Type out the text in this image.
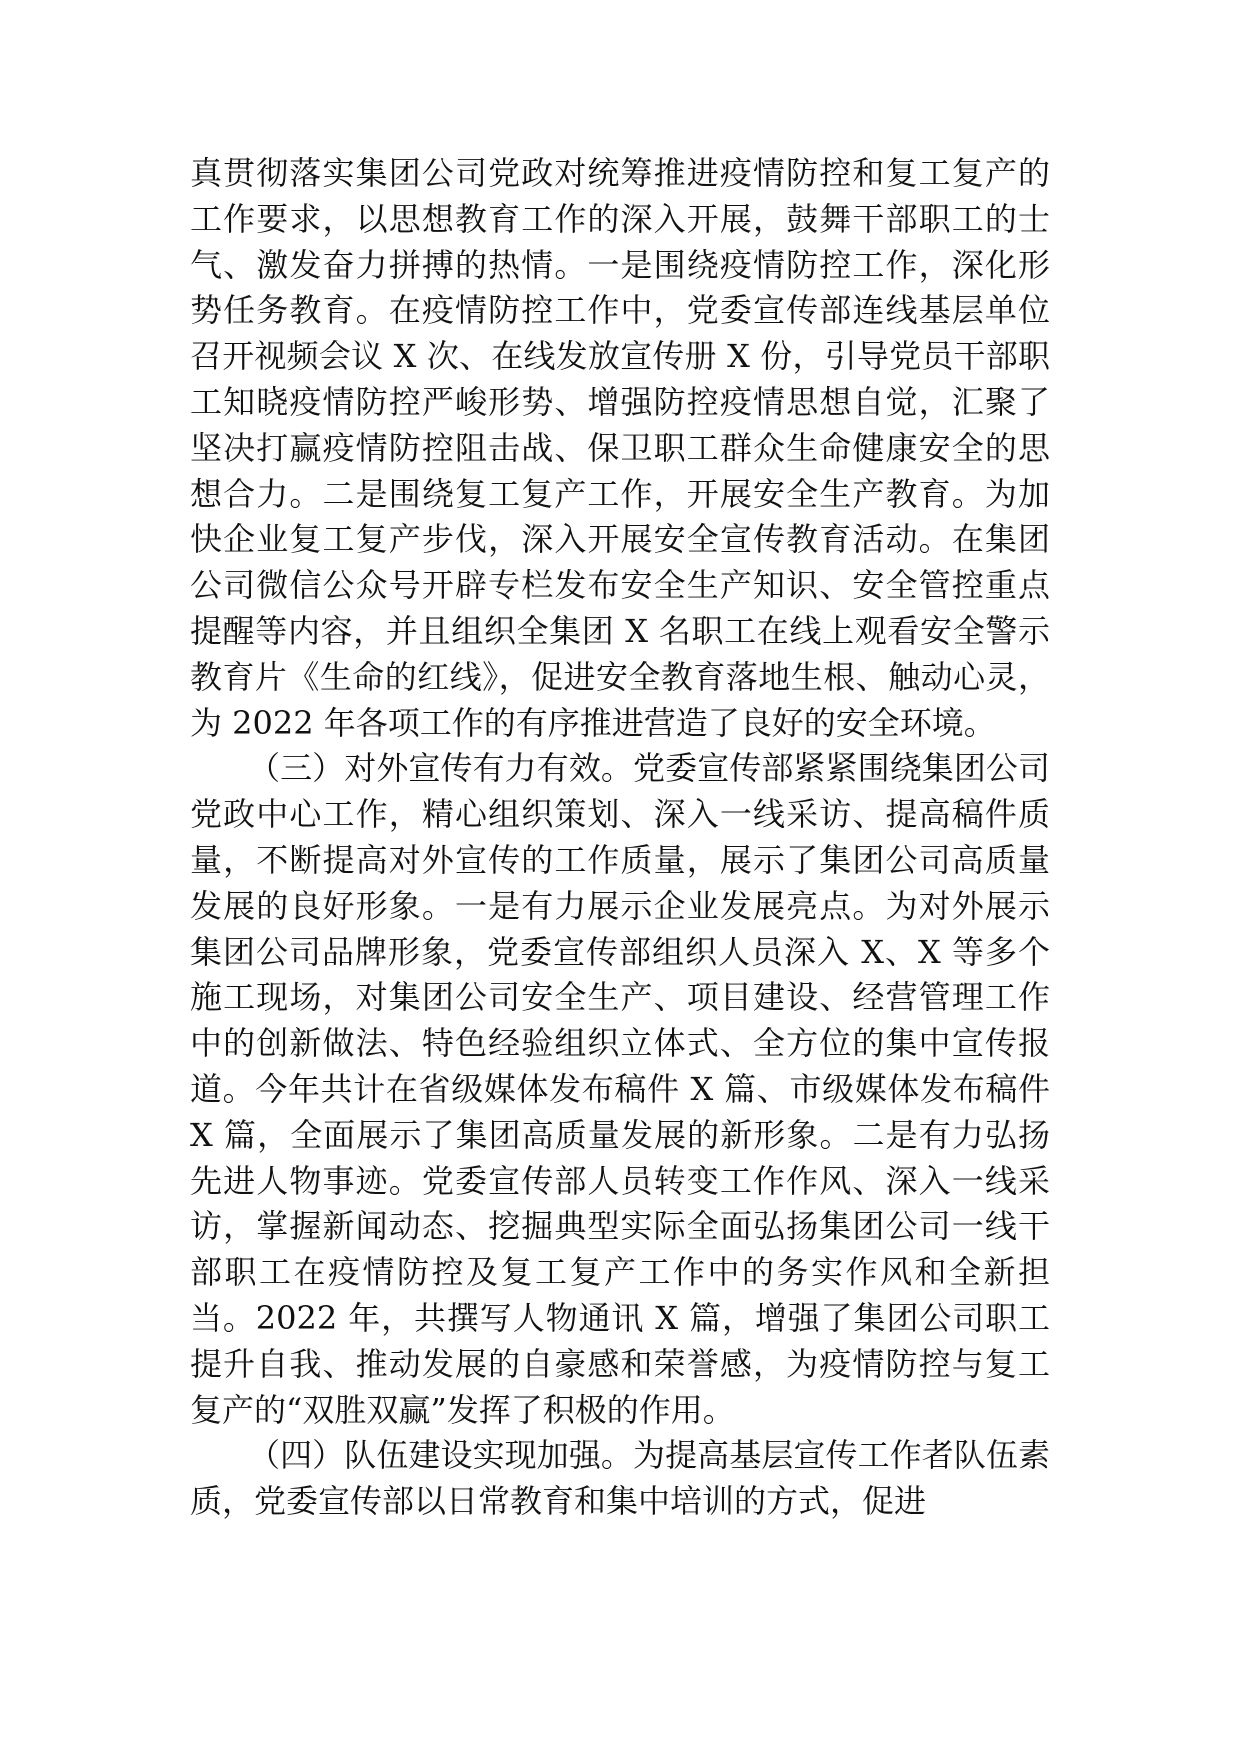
真贯彻落实集团公司党政对统筹推进疫情防控和复工复产的工作要求，以思想教育工作的深入开展，鼓舞干部职工的士气、激发奋力拼搏的热情。一是围绕疫情防控工作，深化形势任务教育。在疫情防控工作中，党委宣传部连线基层单位召开视频会议 X 次、在线发放宣传册 X 份，引导党员干部职工知晓疫情防控严峻形势、增强防控疫情思想自觉，汇聚了坚决打赢疫情防控阻击战、保卫职工群众生命健康安全的思想合力。二是围绕复工复产工作，开展安全生产教育。为加快企业复工复产步伐，深入开展安全宣传教育活动。在集团公司微信公众号开辟专栏发布安全生产知识、安全管控重点提醒等内容，并且组织全集团 X 名职工在线上观看安全警示教育片《生命的红线》，促进安全教育落地生根、触动心灵，为 2022 年各项工作的有序推进营造了良好的安全环境。

（三）对外宣传有力有效。党委宣传部紧紧围绕集团公司党政中心工作，精心组织策划、深入一线采访、提高稿件质量，不断提高对外宣传的工作质量，展示了集团公司高质量发展的良好形象。一是有力展示企业发展亮点。为对外展示集团公司品牌形象，党委宣传部组织人员深入 X、X 等多个施工现场，对集团公司安全生产、项目建设、经营管理工作中的创新做法、特色经验组织立体式、全方位的集中宣传报道。今年共计在省级媒体发布稿件 X 篇、市级媒体发布稿件 X 篇，全面展示了集团高质量发展的新形象。二是有力弘扬先进人物事迹。党委宣传部人员转变工作作风、深入一线采访，掌握新闻动态、挖掘典型实际全面弘扬集团公司一线干部职工在疫情防控及复工复产工作中的务实作风和全新担当。2022 年，共撰写人物通讯 X 篇，增强了集团公司职工提升自我、推动发展的自豪感和荣誉感，为疫情防控与复工复产的“双胜双赢”发挥了积极的作用。

（四）队伍建设实现加强。为提高基层宣传工作者队伍素质，党委宣传部以日常教育和集中培训的方式，促进
